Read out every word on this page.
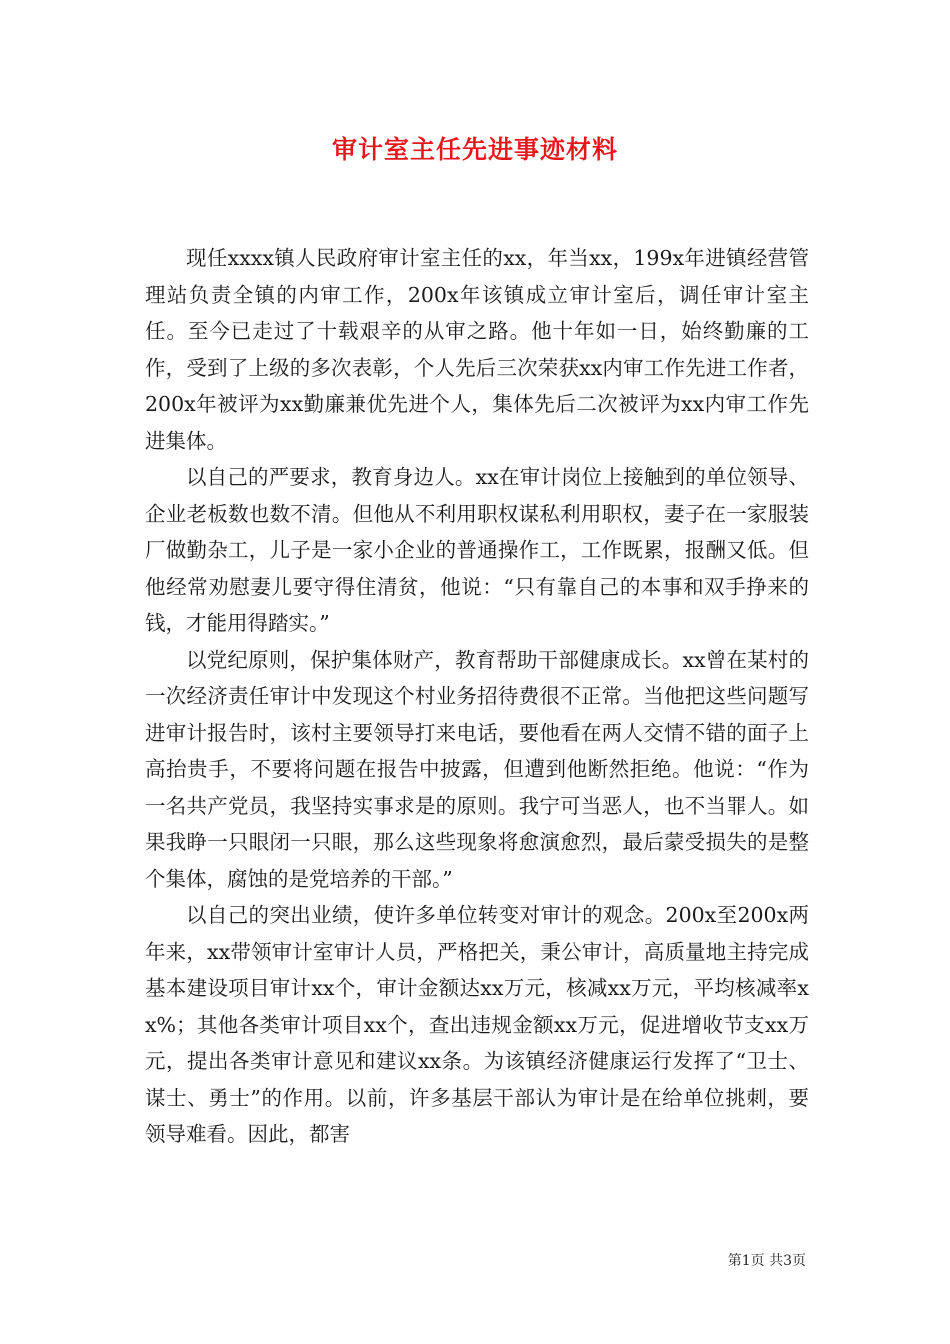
审计室主任先进事迹材料

现任xxxx镇人民政府审计室主任的xx，年当xx，199x年进镇经营管理站负责全镇的内审工作，200x年该镇成立审计室后，调任审计室主任。至今已走过了十载艰辛的从审之路。他十年如一日，始终勤廉的工作，受到了上级的多次表彰，个人先后三次荣获xx内审工作先进工作者，200x年被评为xx勤廉兼优先进个人，集体先后二次被评为xx内审工作先进集体。

以自己的严要求，教育身边人。xx在审计岗位上接触到的单位领导、企业老板数也数不清。但他从不利用职权谋私利用职权，妻子在一家服装厂做勤杂工，儿子是一家小企业的普通操作工，工作既累，报酬又低。但他经常劝慰妻儿要守得住清贫，他说：“只有靠自己的本事和双手挣来的钱，才能用得踏实。”

以党纪原则，保护集体财产，教育帮助干部健康成长。xx曾在某村的一次经济责任审计中发现这个村业务招待费很不正常。当他把这些问题写进审计报告时，该村主要领导打来电话，要他看在两人交情不错的面子上高抬贵手，不要将问题在报告中披露，但遭到他断然拒绝。他说：“作为一名共产党员，我坚持实事求是的原则。我宁可当恶人，也不当罪人。如果我睁一只眼闭一只眼，那么这些现象将愈演愈烈，最后蒙受损失的是整个集体，腐蚀的是党培养的干部。”

以自己的突出业绩，使许多单位转变对审计的观念。200x至200x两年来，xx带领审计室审计人员，严格把关，秉公审计，高质量地主持完成基本建设项目审计xx个，审计金额达xx万元，核减xx万元，平均核减率xx%；其他各类审计项目xx个，查出违规金额xx万元，促进增收节支xx万元，提出各类审计意见和建议xx条。为该镇经济健康运行发挥了“卫士、谋士、勇士”的作用。以前，许多基层干部认为审计是在给单位挑刺，要领导难看。因此，都害

第1页 共3页
